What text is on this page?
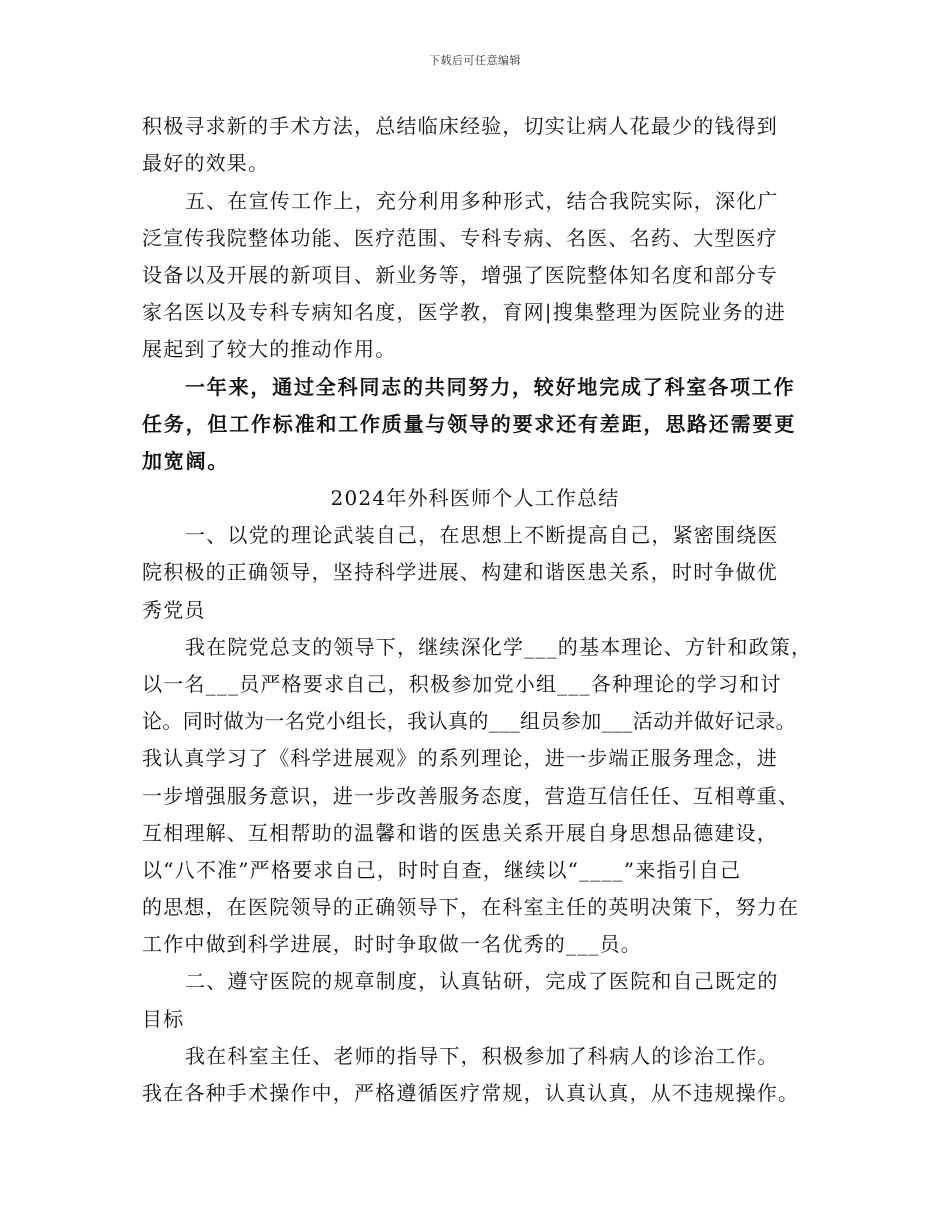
下载后可任意编辑
积极寻求新的手术方法，总结临床经验，切实让病人花最少的钱得到
最好的效果。
五、在宣传工作上，充分利用多种形式，结合我院实际，深化广
泛宣传我院整体功能、医疗范围、专科专病、名医、名药、大型医疗
设备以及开展的新项目、新业务等，增强了医院整体知名度和部分专
家名医以及专科专病知名度，医学教，育网|搜集整理为医院业务的进
展起到了较大的推动作用。
一年来，通过全科同志的共同努力，较好地完成了科室各项工作
任务，但工作标准和工作质量与领导的要求还有差距，思路还需要更
加宽阔。
2024年外科医师个人工作总结
一、以党的理论武装自己，在思想上不断提高自己，紧密围绕医
院积极的正确领导，坚持科学进展、构建和谐医患关系，时时争做优
秀党员
我在院党总支的领导下，继续深化学___的基本理论、方针和政策，
以一名___员严格要求自己，积极参加党小组___各种理论的学习和讨
论。同时做为一名党小组长，我认真的___组员参加___活动并做好记录。
我认真学习了《科学进展观》的系列理论，进一步端正服务理念，进
一步增强服务意识，进一步改善服务态度，营造互信任任、互相尊重、
互相理解、互相帮助的温馨和谐的医患关系开展自身思想品德建设，
以“八不准”严格要求自己，时时自查，继续以“____”来指引自己
的思想，在医院领导的正确领导下，在科室主任的英明决策下，努力在
工作中做到科学进展，时时争取做一名优秀的___员。
二、遵守医院的规章制度，认真钻研，完成了医院和自己既定的
目标
我在科室主任、老师的指导下，积极参加了科病人的诊治工作。
我在各种手术操作中，严格遵循医疗常规，认真认真，从不违规操作。
